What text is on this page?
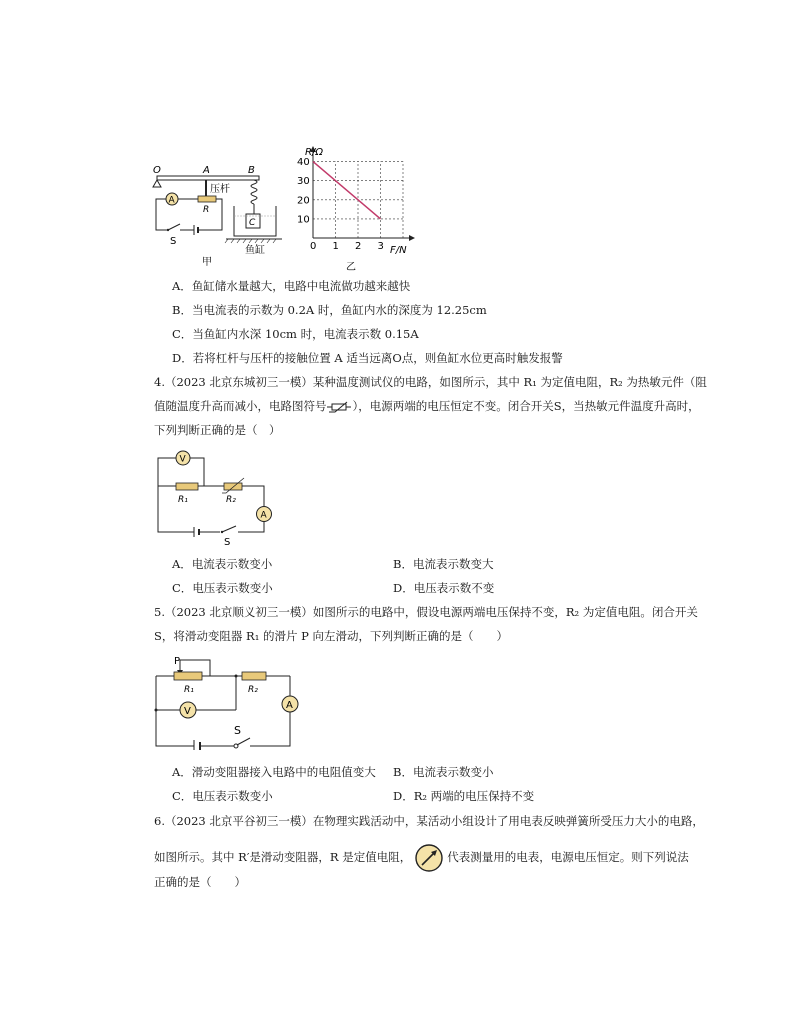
O	A	B
压杆
R
C
鱼缸
A
S
甲
0 1 2 3
10
20
30
40
R/Ω
F/N
乙
A．鱼缸储水量越大，电路中电流做功越来越快
B．当电流表的示数为 0.2A 时，鱼缸内水的深度为 12.25cm
C．当鱼缸内水深 10cm 时，电流表示数 0.15A
D．若将杠杆与压杆的接触位置 A 适当远离O点，则鱼缸水位更高时触发报警
4.（2023 北京东城初三一模）某种温度测试仪的电路，如图所示，其中 R₁ 为定值电阻，R₂ 为热敏元件（阻
值随温度升高而减小，电路图符号 ），电源两端的电压恒定不变。闭合开关S，当热敏元件温度升高时，
下列判断正确的是（　）
V
R₁	R₂
A
S
A．电流表示数变小	B．电流表示数变大
C．电压表示数变小	D．电压表示数不变
5.（2023 北京顺义初三一模）如图所示的电路中，假设电源两端电压保持不变，R₂ 为定值电阻。闭合开关
S，将滑动变阻器 R₁ 的滑片 P 向左滑动，下列判断正确的是（　　）
P
R₁	R₂
V
A
S
A．滑动变阻器接入电路中的电阻值变大 B．电流表示数变小
C．电压表示数变小	D．R₂ 两端的电压保持不变
6.（2023 北京平谷初三一模）在物理实践活动中，某活动小组设计了用电表反映弹簧所受压力大小的电路，
如图所示。其中 R′是滑动变阻器，R 是定值电阻，	代表测量用的电表，电源电压恒定。则下列说法
正确的是（　　）
